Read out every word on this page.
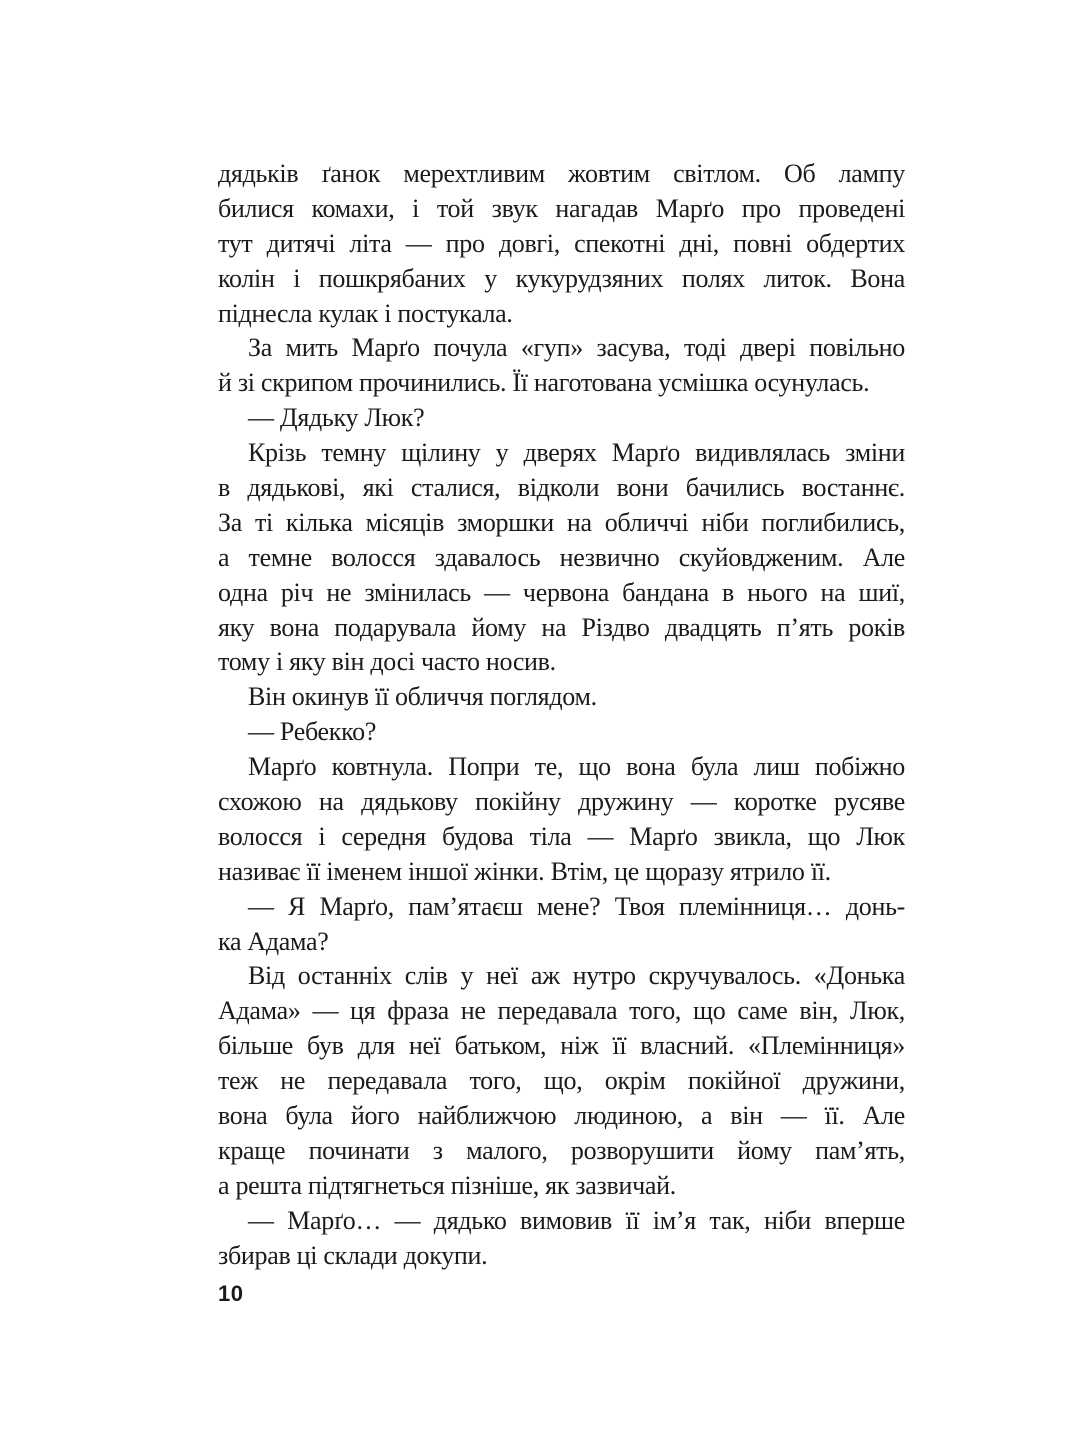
дядьків ґанок мерехтливим жовтим світлом. Об лампу
билися комахи, і той звук нагадав Марґо про проведені
тут дитячі літа — про довгі, спекотні дні, повні обдертих
колін і пошкрябаних у кукурудзяних полях литок. Вона
піднесла кулак і постукала.
За мить Марґо почула «гуп» засува, тоді двері повільно
й зі скрипом прочинились. Її наготована усмішка осунулась.
— Дядьку Люк?
Крізь темну щілину у дверях Марґо видивлялась зміни
в дядькові, які сталися, відколи вони бачились востаннє.
За ті кілька місяців зморшки на обличчі ніби поглибились,
а темне волосся здавалось незвично скуйовдженим. Але
одна річ не змінилась — червона бандана в нього на шиї,
яку вона подарувала йому на Різдво двадцять п’ять років
тому і яку він досі часто носив.
Він окинув її обличчя поглядом.
— Ребекко?
Марґо ковтнула. Попри те, що вона була лиш побіжно
схожою на дядькову покійну дружину — коротке русяве
волосся і середня будова тіла — Марґо звикла, що Люк
називає її іменем іншої жінки. Втім, це щоразу ятрило її.
— Я Марґо, пам’ятаєш мене? Твоя племінниця… донь-
ка Адама?
Від останніх слів у неї аж нутро скручувалось. «Донька
Адама» — ця фраза не передавала того, що саме він, Люк,
більше був для неї батьком, ніж її власний. «Племінниця»
теж не передавала того, що, окрім покійної дружини,
вона була його найближчою людиною, а він — її. Але
краще починати з малого, розворушити йому пам’ять,
а решта підтягнеться пізніше, як зазвичай.
— Марґо… — дядько вимовив її ім’я так, ніби вперше
збирав ці склади докупи.
10
